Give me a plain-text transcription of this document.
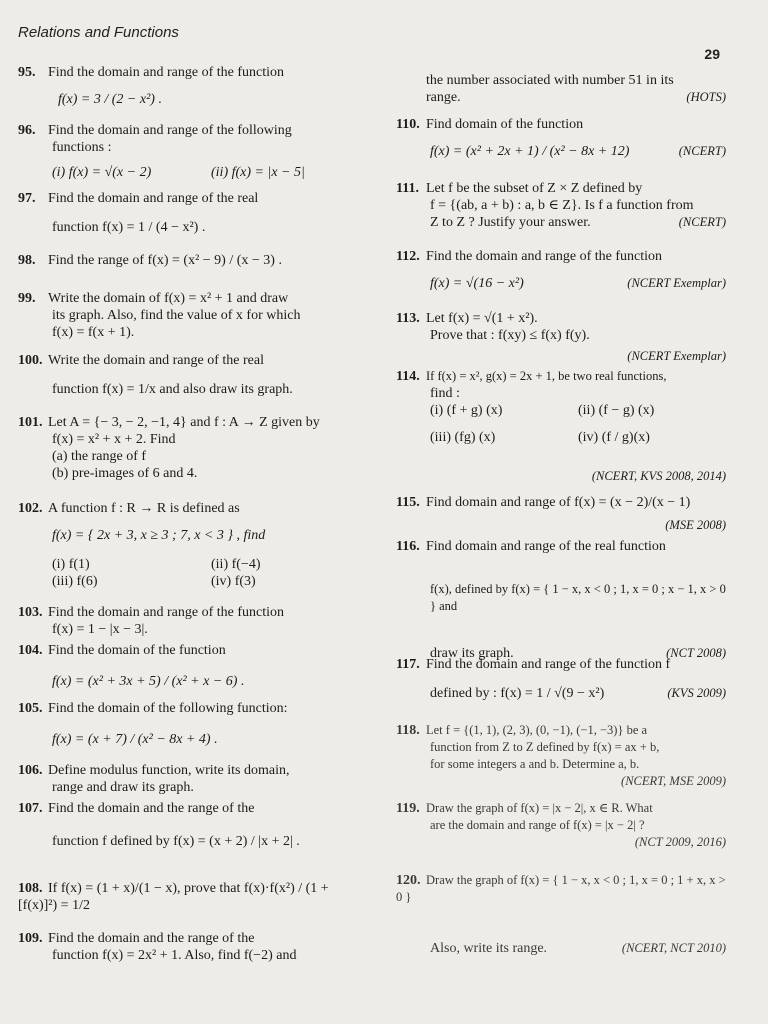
Relations and Functions
29
95. Find the domain and range of the function
f(x) = 3 / (2 − x²) .
96. Find the domain and range of the following
functions :
(i) f(x) = √(x − 2)	(ii) f(x) = |x − 5|
97. Find the domain and range of the real
function f(x) = 1 / (4 − x²) .
98. Find the range of f(x) = (x² − 9) / (x − 3) .
99. Write the domain of f(x) = x² + 1 and draw
its graph. Also, find the value of x for which
f(x) = f(x + 1).
100. Write the domain and range of the real
function f(x) = 1/x and also draw its graph.
101. Let A = {− 3, − 2, −1, 4} and f : A → Z given by
f(x) = x² + x + 2. Find
(a) the range of f
(b) pre-images of 6 and 4.
102. A function f : R → R is defined as
f(x) = { 2x + 3, x ≥ 3 ; 7, x < 3 } , find
(i) f(1)	(ii) f(−4)
(iii) f(6)	(iv) f(3)
103. Find the domain and range of the function
f(x) = 1 − |x − 3|.
104. Find the domain of the function
f(x) = (x² + 3x + 5) / (x² + x − 6) .
105. Find the domain of the following function:
f(x) = (x + 7) / (x² − 8x + 4) .
106. Define modulus function, write its domain,
range and draw its graph.
107. Find the domain and the range of the
function f defined by f(x) = (x + 2) / |x + 2| .
108. If f(x) = (1 + x)/(1 − x), prove that f(x)·f(x²) / (1 + [f(x)]²) = 1/2
109. Find the domain and the range of the
function f(x) = 2x² + 1. Also, find f(−2) and
the number associated with number 51 in its
range.	(HOTS)
110. Find domain of the function
f(x) = (x² + 2x + 1) / (x² − 8x + 12)	(NCERT)
111. Let f be the subset of Z × Z defined by
f = {(ab, a + b) : a, b ∈ Z}. Is f a function from
Z to Z ? Justify your answer.	(NCERT)
112. Find the domain and range of the function
f(x) = √(16 − x²)	(NCERT Exemplar)
113. Let f(x) = √(1 + x²).
Prove that : f(xy) ≤ f(x) f(y).
(NCERT Exemplar)
114. If f(x) = x², g(x) = 2x + 1, be two real functions,
find :
(i) (f + g) (x)	(ii) (f − g) (x)
(iii) (fg) (x)	(iv) (f / g)(x)
(NCERT, KVS 2008, 2014)
115. Find domain and range of f(x) = (x − 2)/(x − 1)
(MSE 2008)
116. Find domain and range of the real function
f(x), defined by f(x) = { 1 − x, x < 0 ; 1, x = 0 ; x − 1, x > 0 } and
draw its graph.	(NCT 2008)
117. Find the domain and range of the function f
defined by : f(x) = 1 / √(9 − x²)	(KVS 2009)
118. Let f = {(1, 1), (2, 3), (0, −1), (−1, −3)} be a
function from Z to Z defined by f(x) = ax + b,
for some integers a and b. Determine a, b.
(NCERT, MSE 2009)
119. Draw the graph of f(x) = |x − 2|, x ∈ R. What
are the domain and range of f(x) = |x − 2| ?
(NCT 2009, 2016)
120. Draw the graph of f(x) = { 1 − x, x < 0 ; 1, x = 0 ; 1 + x, x > 0 }
Also, write its range.	(NCERT, NCT 2010)
